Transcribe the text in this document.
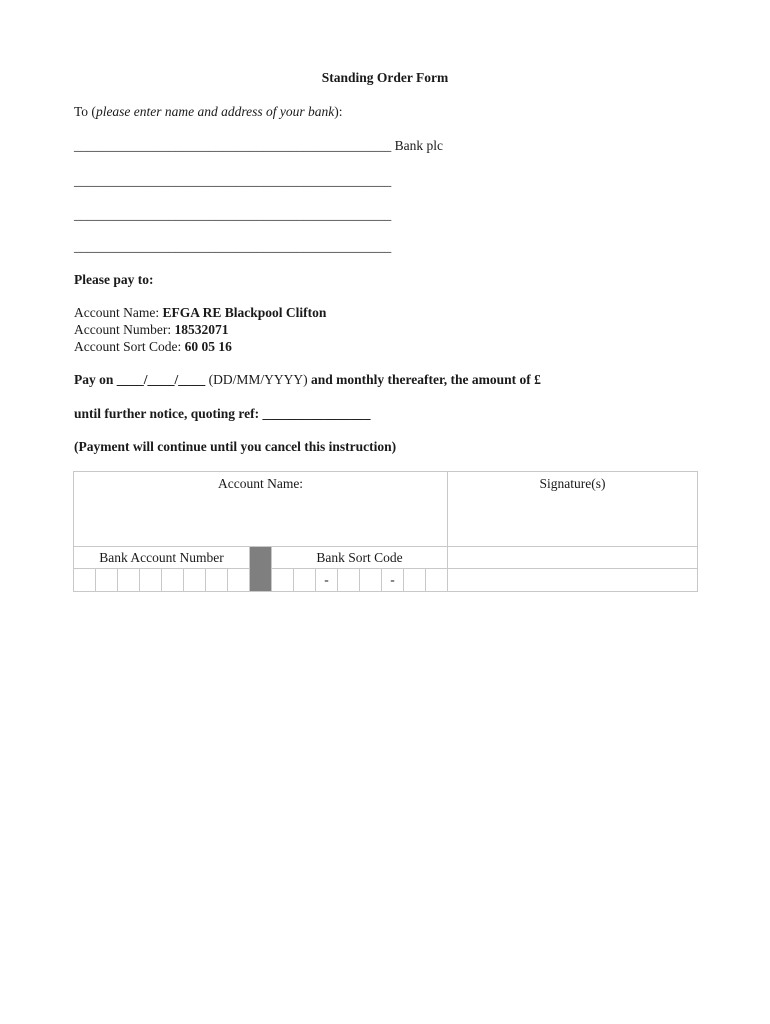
Standing Order Form
To (please enter name and address of your bank):
_______________________________________________ Bank plc
_______________________________________________
_______________________________________________
_______________________________________________
Please pay to:
Account Name: EFGA RE Blackpool Clifton
Account Number: 18532071
Account Sort Code: 60 05 16
Pay on ____/____/____ (DD/MM/YYYY) and monthly thereafter, the amount of £
until further notice, quoting ref: ________________
(Payment will continue until you cancel this instruction)
Account Name:																	Signature(s)
Bank Account Number									Bank Sort Code								
											-			-			
